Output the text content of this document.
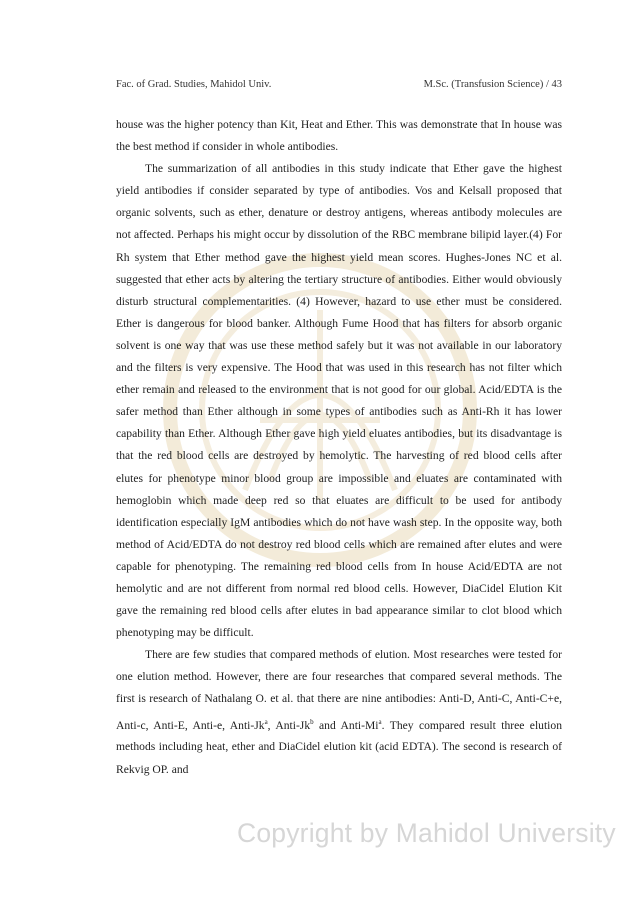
Fac. of Grad. Studies, Mahidol Univ.	M.Sc. (Transfusion Science) / 43

house was the higher potency than Kit, Heat and Ether. This was demonstrate that In house was the best method if consider in whole antibodies.

The summarization of all antibodies in this study indicate that Ether gave the highest yield antibodies if consider separated by type of antibodies. Vos and Kelsall proposed that organic solvents, such as ether, denature or destroy antigens, whereas antibody molecules are not affected. Perhaps his might occur by dissolution of the RBC membrane bilipid layer.(4) For Rh system that Ether method gave the highest yield mean scores. Hughes-Jones NC et al. suggested that ether acts by altering the tertiary structure of antibodies. Either would obviously disturb structural complementarities. (4) However, hazard to use ether must be considered. Ether is dangerous for blood banker. Although Fume Hood that has filters for absorb organic solvent is one way that was use these method safely but it was not available in our laboratory and the filters is very expensive. The Hood that was used in this research has not filter which ether remain and released to the environment that is not good for our global. Acid/EDTA is the safer method than Ether although in some types of antibodies such as Anti-Rh it has lower capability than Ether. Although Ether gave high yield eluates antibodies, but its disadvantage is that the red blood cells are destroyed by hemolytic. The harvesting of red blood cells after elutes for phenotype minor blood group are impossible and eluates are contaminated with hemoglobin which made deep red so that eluates are difficult to be used for antibody identification especially IgM antibodies which do not have wash step. In the opposite way, both method of Acid/EDTA do not destroy red blood cells which are remained after elutes and were capable for phenotyping. The remaining red blood cells from In house Acid/EDTA are not hemolytic and are not different from normal red blood cells. However, DiaCidel Elution Kit gave the remaining red blood cells after elutes in bad appearance similar to clot blood which phenotyping may be difficult.

There are few studies that compared methods of elution. Most researches were tested for one elution method. However, there are four researches that compared several methods. The first is research of Nathalang O. et al. that there are nine antibodies: Anti-D, Anti-C, Anti-C+e, Anti-c, Anti-E, Anti-e, Anti-Jk$^a$, Anti-Jk$^b$ and Anti-Mi$^a$. They compared result three elution methods including heat, ether and DiaCidel elution kit (acid EDTA). The second is research of Rekvig OP. and

Copyright by Mahidol University
